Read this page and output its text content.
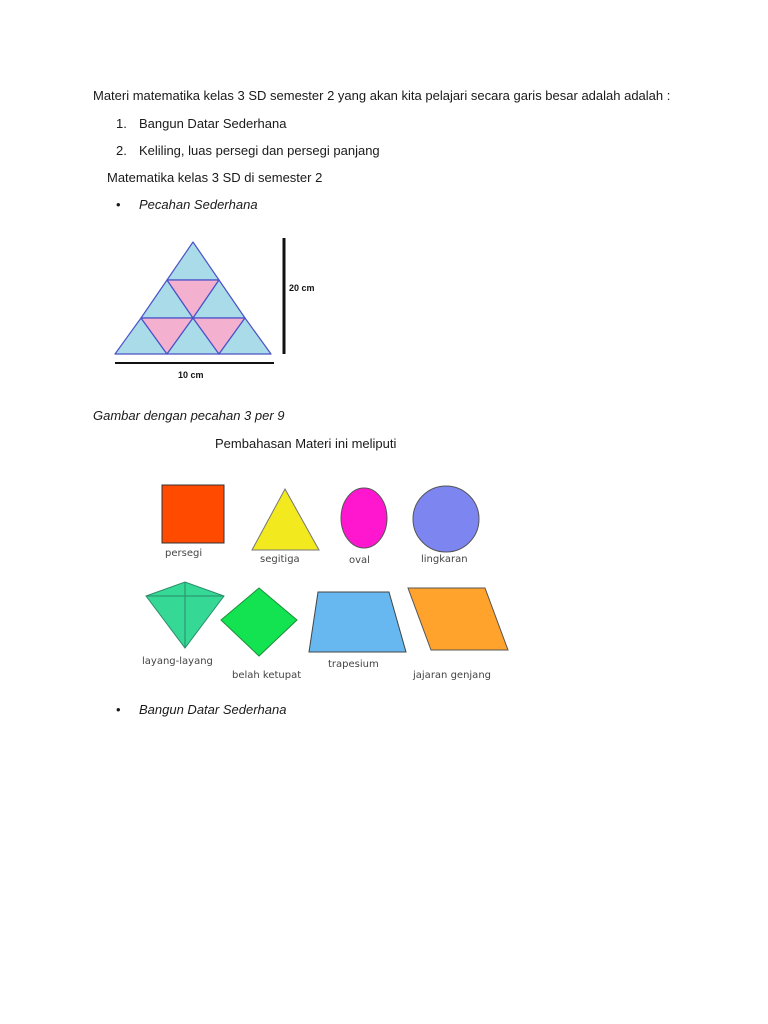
Materi matematika kelas 3 SD semester 2 yang akan kita pelajari secara garis besar adalah adalah :
1. Bangun Datar Sederhana
2. Keliling, luas persegi dan persegi panjang
Matematika kelas 3 SD di semester 2
• Pecahan Sederhana
20 cm
10 cm
Gambar dengan pecahan 3 per 9
Pembahasan Materi ini meliputi
persegi
segitiga	oval	lingkaran
layang-layang
belah ketupat
trapesium
jajaran genjang
• Bangun Datar Sederhana
